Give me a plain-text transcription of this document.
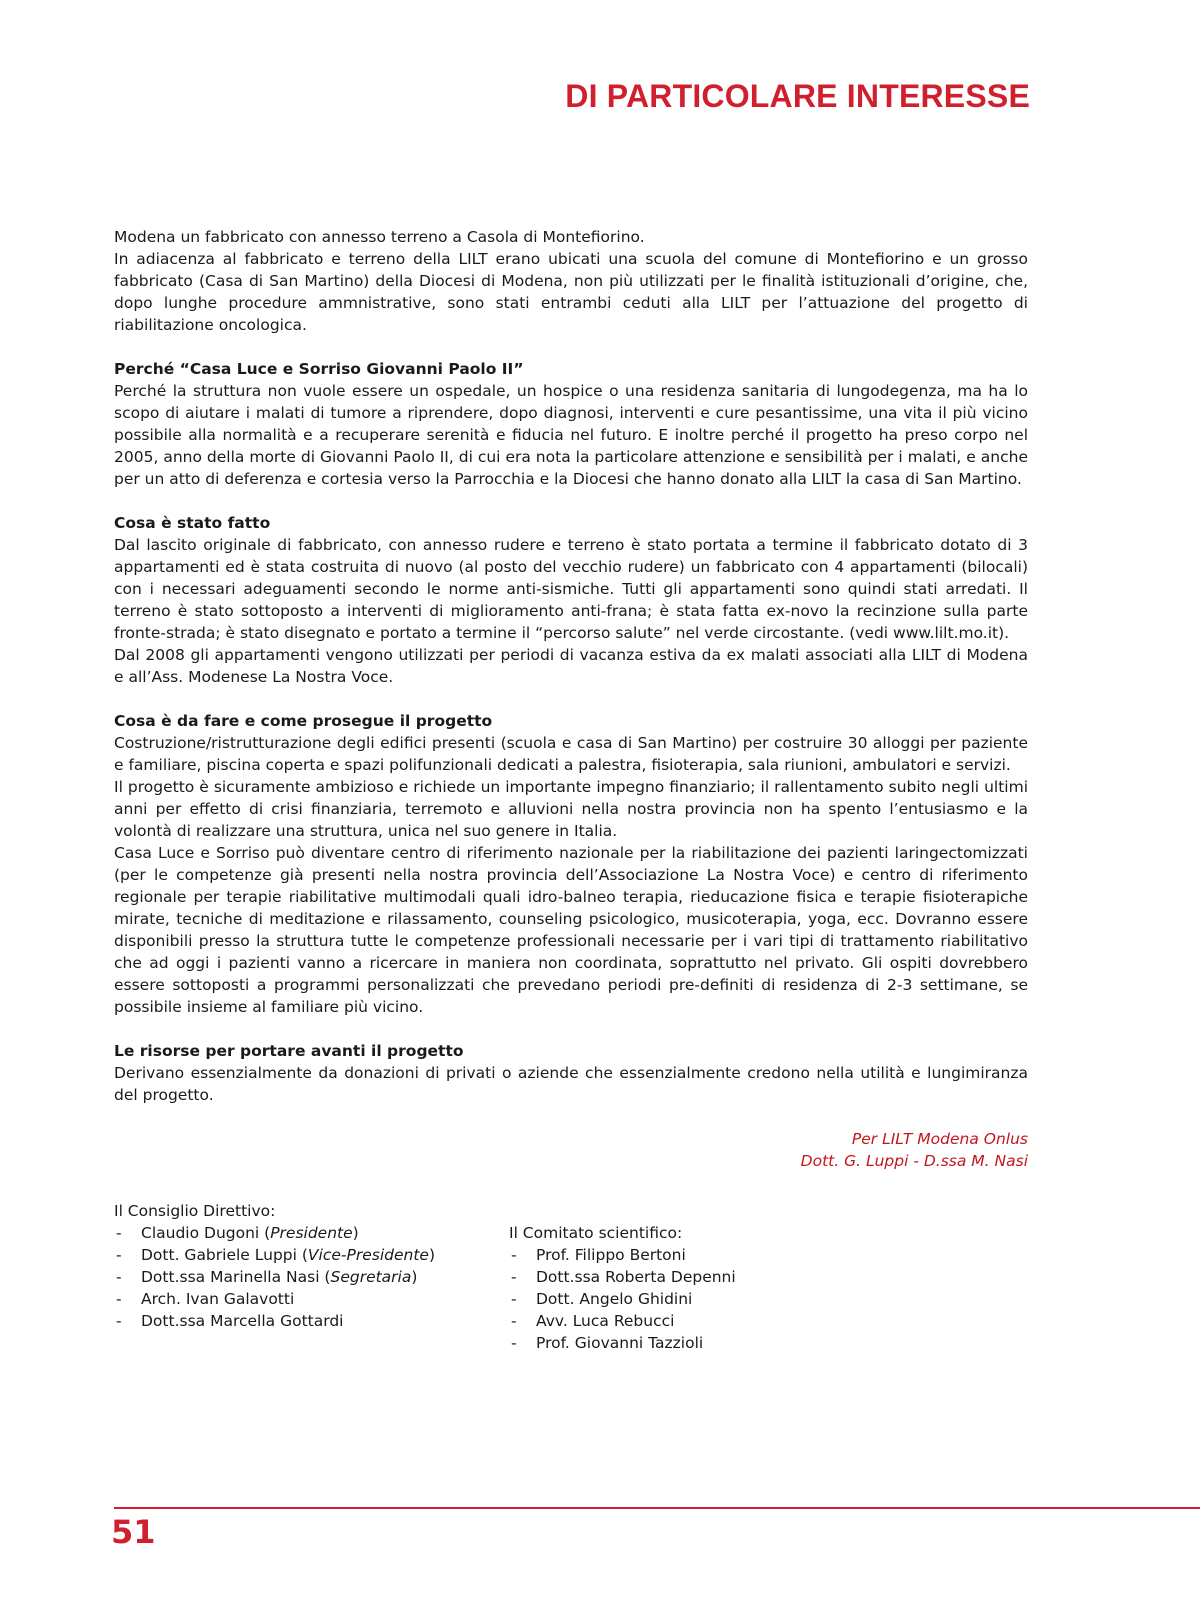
DI PARTICOLARE INTERESSE

Modena un fabbricato con annesso terreno a Casola di Montefiorino.

In adiacenza al fabbricato e terreno della LILT erano ubicati una scuola del comune di Montefiorino e un grosso fabbricato (Casa di San Martino) della Diocesi di Modena, non più utilizzati per le finalità istituzionali d’origine, che, dopo lunghe procedure ammnistrative, sono stati entrambi ceduti alla LILT per l’attuazione del progetto di riabilitazione oncologica.

Perché “Casa Luce e Sorriso Giovanni Paolo II”

Perché la struttura non vuole essere un ospedale, un hospice o una residenza sanitaria di lungodegenza, ma ha lo scopo di aiutare i malati di tumore a riprendere, dopo diagnosi, interventi e cure pesantissime, una vita il più vicino possibile alla normalità e a recuperare serenità e fiducia nel futuro. E inoltre perché il progetto ha preso corpo nel 2005, anno della morte di Giovanni Paolo II, di cui era nota la particolare attenzione e sensibilità per i malati, e anche per un atto di deferenza e cortesia verso la Parrocchia e la Diocesi che hanno donato alla LILT la casa di San Martino.

Cosa è stato fatto

Dal lascito originale di fabbricato, con annesso rudere e terreno è stato portata a termine il fabbricato dotato di 3 appartamenti ed è stata costruita di nuovo (al posto del vecchio rudere) un fabbricato con 4 appartamenti (bilocali) con i necessari adeguamenti secondo le norme anti-sismiche. Tutti gli appartamenti sono quindi stati arredati. Il terreno è stato sottoposto a interventi di miglioramento anti-frana; è stata fatta ex-novo la recinzione sulla parte fronte-strada; è stato disegnato e portato a termine il “percorso salute” nel verde circostante. (vedi www.lilt.mo.it).

Dal 2008 gli appartamenti vengono utilizzati per periodi di vacanza estiva da ex malati associati alla LILT di Modena e all’Ass. Modenese La Nostra Voce.

Cosa è da fare e come prosegue il progetto

Costruzione/ristrutturazione degli edifici presenti (scuola e casa di San Martino) per costruire 30 alloggi per paziente e familiare, piscina coperta e spazi polifunzionali dedicati a palestra, fisioterapia, sala riunioni, ambulatori e servizi.

Il progetto è sicuramente ambizioso e richiede un importante impegno finanziario; il rallentamento subito negli ultimi anni per effetto di crisi finanziaria, terremoto e alluvioni nella nostra provincia non ha spento l’entusiasmo e la volontà di realizzare una struttura, unica nel suo genere in Italia.

Casa Luce e Sorriso può diventare centro di riferimento nazionale per la riabilitazione dei pazienti laringectomizzati (per le competenze già presenti nella nostra provincia dell’Associazione La Nostra Voce) e centro di riferimento regionale per terapie riabilitative multimodali quali idro-balneo terapia, rieducazione fisica e terapie fisioterapiche mirate, tecniche di meditazione e rilassamento, counseling psicologico, musicoterapia, yoga, ecc. Dovranno essere disponibili presso la struttura tutte le competenze professionali necessarie per i vari tipi di trattamento riabilitativo che ad oggi i pazienti vanno a ricercare in maniera non coordinata, soprattutto nel privato. Gli ospiti dovrebbero essere sottoposti a programmi personalizzati che prevedano periodi pre-definiti di residenza di 2-3 settimane, se possibile insieme al familiare più vicino.

Le risorse per portare avanti il progetto

Derivano essenzialmente da donazioni di privati o aziende che essenzialmente credono nella utilità e lungimiranza del progetto.

Per LILT Modena Onlus
Dott. G. Luppi - D.ssa M. Nasi
Il Consiglio Direttivo:
- Claudio Dugoni (Presidente)
- Dott. Gabriele Luppi (Vice-Presidente)
- Dott.ssa Marinella Nasi (Segretaria)
- Arch. Ivan Galavotti
- Dott.ssa Marcella Gottardi
Il Comitato scientifico:
- Prof. Filippo Bertoni
- Dott.ssa Roberta Depenni
- Dott. Angelo Ghidini
- Avv. Luca Rebucci
- Prof. Giovanni Tazzioli
51
